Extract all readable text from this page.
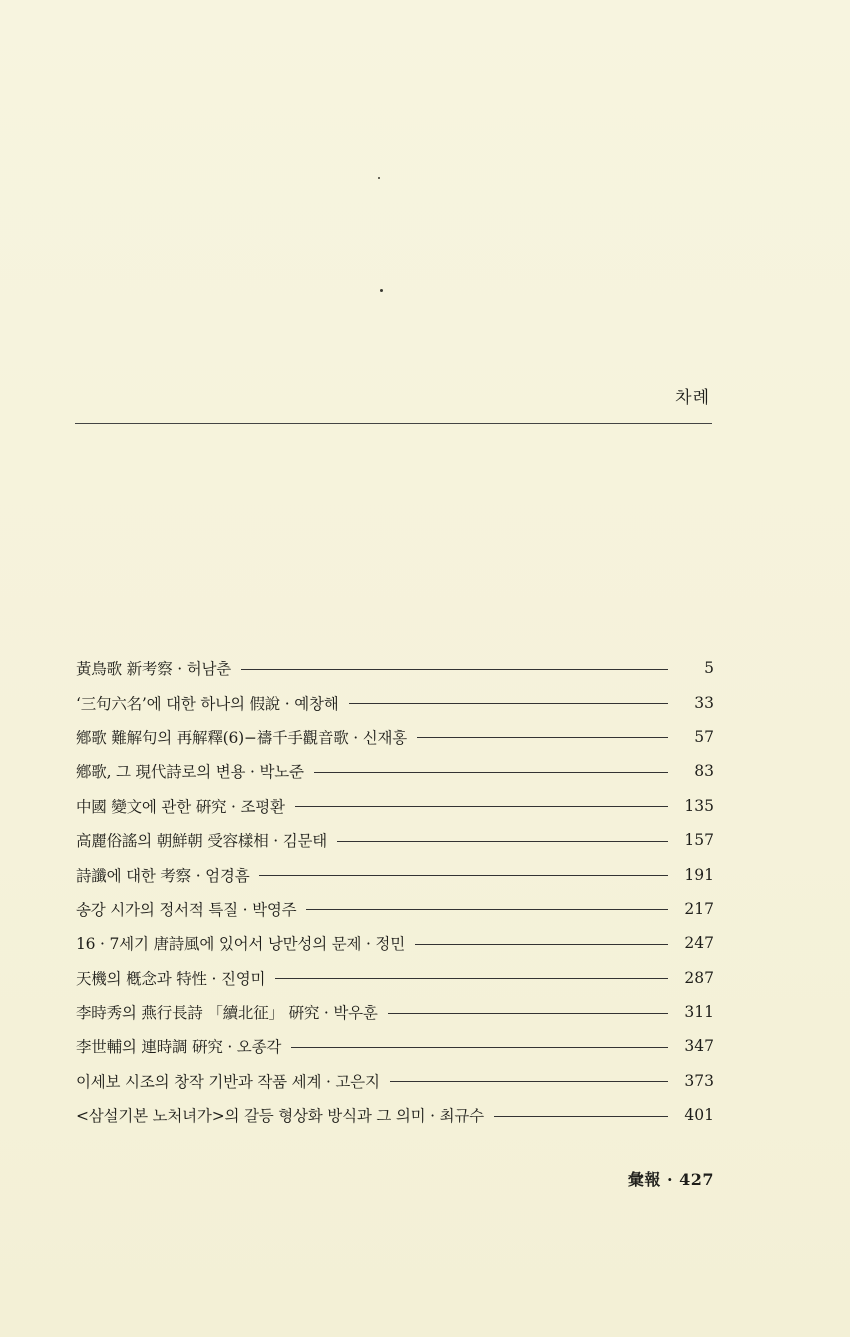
차례
黃鳥歌 新考察 · 허남춘	5
‘三句六名’에 대한 하나의 假說 · 예창해	33
鄕歌 難解句의 再解釋(6)−禱千手觀音歌 · 신재홍	57
鄕歌, 그 現代詩로의 변용 · 박노준	83
中國 變文에 관한 硏究 · 조평환	135
高麗俗謠의 朝鮮朝 受容樣相 · 김문태	157
詩讖에 대한 考察 · 엄경흠	191
송강 시가의 정서적 특질 · 박영주	217
16 · 7세기 唐詩風에 있어서 낭만성의 문제 · 정민	247
天機의 槪念과 特性 · 진영미	287
李時秀의 燕行長詩 「續北征」 硏究 · 박우훈	311
李世輔의 連時調 硏究 · 오종각	347
이세보 시조의 창작 기반과 작품 세계 · 고은지	373
<삼설기본 노처녀가>의 갈등 형상화 방식과 그 의미 · 최규수	401
彙報 · 427
